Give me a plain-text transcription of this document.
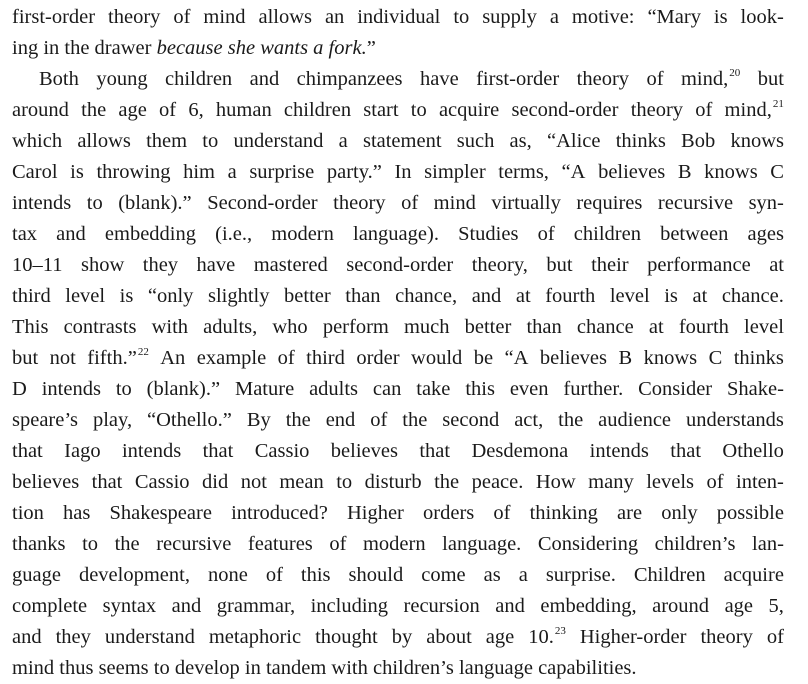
first-order theory of mind allows an individual to supply a motive: “Mary is look-
ing in the drawer because she wants a fork.”
Both young children and chimpanzees have first-order theory of mind,$^{20}$ but
around the age of 6, human children start to acquire second-order theory of mind,$^{21}$
which allows them to understand a statement such as, “Alice thinks Bob knows
Carol is throwing him a surprise party.” In simpler terms, “A believes B knows C
intends to (blank).” Second-order theory of mind virtually requires recursive syn-
tax and embedding (i.e., modern language). Studies of children between ages
10–11 show they have mastered second-order theory, but their performance at
third level is “only slightly better than chance, and at fourth level is at chance.
This contrasts with adults, who perform much better than chance at fourth level
but not fifth.”$^{22}$ An example of third order would be “A believes B knows C thinks
D intends to (blank).” Mature adults can take this even further. Consider Shake-
speare’s play, “Othello.” By the end of the second act, the audience understands
that Iago intends that Cassio believes that Desdemona intends that Othello
believes that Cassio did not mean to disturb the peace. How many levels of inten-
tion has Shakespeare introduced? Higher orders of thinking are only possible
thanks to the recursive features of modern language. Considering children’s lan-
guage development, none of this should come as a surprise. Children acquire
complete syntax and grammar, including recursion and embedding, around age 5,
and they understand metaphoric thought by about age 10.23 Higher-order theory of
mind thus seems to develop in tandem with children’s language capabilities.
